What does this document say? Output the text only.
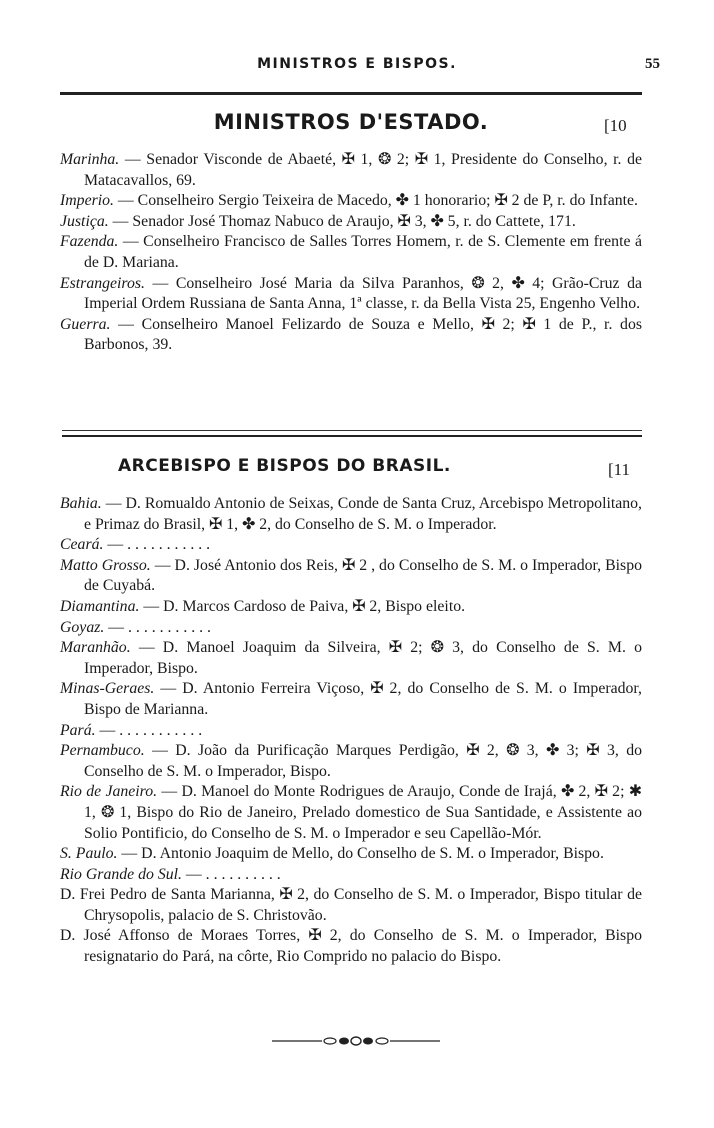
MINISTROS E BISPOS.	55
MINISTROS D'ESTADO.	[10

Marinha. — Senador Visconde de Abaeté, ✠ 1, ❂ 2; ✠ 1, Presidente do Conselho, r. de Matacavallos, 69.

Imperio. — Conselheiro Sergio Teixeira de Macedo, ✤ 1 honorario; ✠ 2 de P, r. do Infante.

Justiça. — Senador José Thomaz Nabuco de Araujo, ✠ 3, ✤ 5, r. do Cattete, 171.

Fazenda. — Conselheiro Francisco de Salles Torres Homem, r. de S. Clemente em frente á de D. Mariana.

Estrangeiros. — Conselheiro José Maria da Silva Paranhos, ❂ 2, ✤ 4; Grão-Cruz da Imperial Ordem Russiana de Santa Anna, 1ª classe, r. da Bella Vista 25, Engenho Velho.

Guerra. — Conselheiro Manoel Felizardo de Souza e Mello, ✠ 2; ✠ 1 de P., r. dos Barbonos, 39.

ARCEBISPO E BISPOS DO BRASIL.	[11

Bahia. — D. Romualdo Antonio de Seixas, Conde de Santa Cruz, Arcebispo Metropolitano, e Primaz do Brasil, ✠ 1, ✤ 2, do Conselho de S. M. o Imperador.

Ceará. — . . . . . . . . . . .

Matto Grosso. — D. José Antonio dos Reis, ✠ 2 , do Conselho de S. M. o Imperador, Bispo de Cuyabá.

Diamantina. — D. Marcos Cardoso de Paiva, ✠ 2, Bispo eleito.

Goyaz. — . . . . . . . . . . .

Maranhão. — D. Manoel Joaquim da Silveira, ✠ 2; ❂ 3, do Conselho de S. M. o Imperador, Bispo.

Minas-Geraes. — D. Antonio Ferreira Viçoso, ✠ 2, do Conselho de S. M. o Imperador, Bispo de Marianna.

Pará. — . . . . . . . . . . .

Pernambuco. — D. João da Purificação Marques Perdigão, ✠ 2, ❂ 3, ✤ 3; ✠ 3, do Conselho de S. M. o Imperador, Bispo.

Rio de Janeiro. — D. Manoel do Monte Rodrigues de Araujo, Conde de Irajá, ✤ 2, ✠ 2; ✱ 1, ❂ 1, Bispo do Rio de Janeiro, Prelado domestico de Sua Santidade, e Assistente ao Solio Pontificio, do Conselho de S. M. o Imperador e seu Capellão-Mór.

S. Paulo. — D. Antonio Joaquim de Mello, do Conselho de S. M. o Imperador, Bispo.

Rio Grande do Sul. — . . . . . . . . . .

D. Frei Pedro de Santa Marianna, ✠ 2, do Conselho de S. M. o Imperador, Bispo titular de Chrysopolis, palacio de S. Christovão.

D. José Affonso de Moraes Torres, ✠ 2, do Conselho de S. M. o Imperador, Bispo resignatario do Pará, na côrte, Rio Comprido no palacio do Bispo.
